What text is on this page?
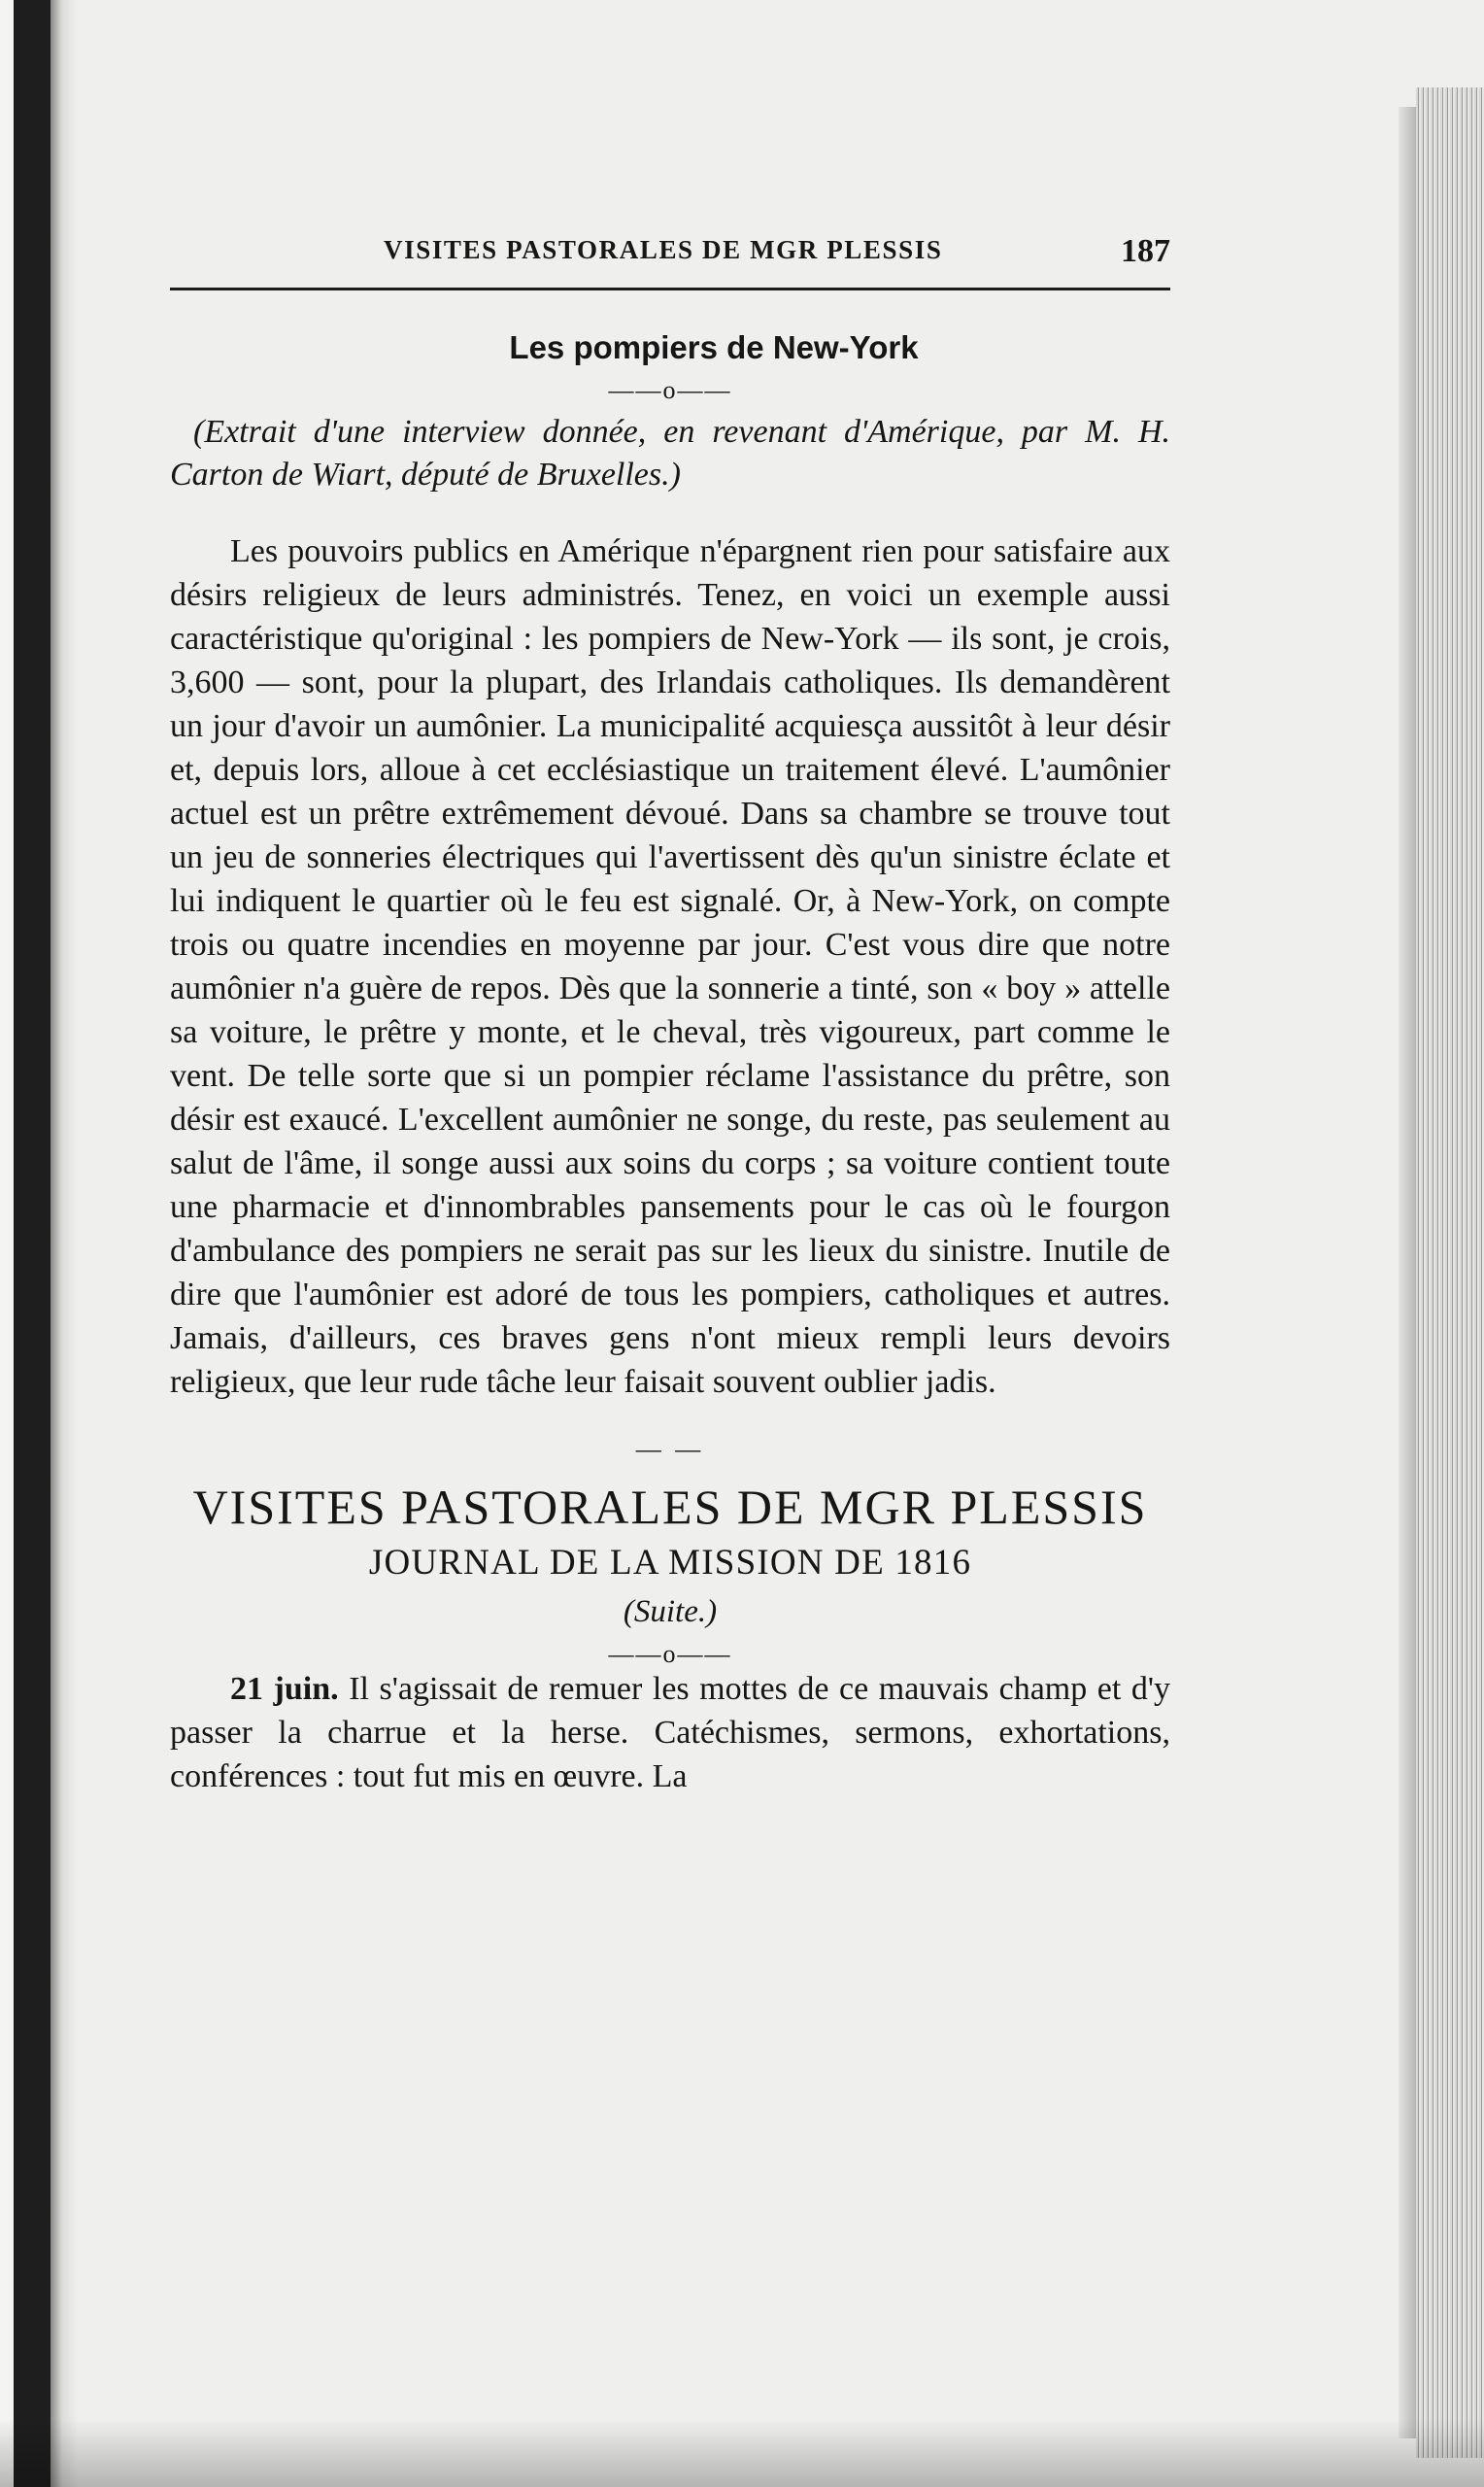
VISITES PASTORALES DE MGR PLESSIS	187
Les pompiers de New-York
——o——

(Extrait d'une interview donnée, en revenant d'Amérique, par M. H. Carton de Wiart, député de Bruxelles.)

Les pouvoirs publics en Amérique n'épargnent rien pour satisfaire aux désirs religieux de leurs administrés. Tenez, en voici un exemple aussi caractéristique qu'original : les pompiers de New-York — ils sont, je crois, 3,600 — sont, pour la plupart, des Irlandais catholiques. Ils demandèrent un jour d'avoir un aumônier. La municipalité acquiesça aussitôt à leur désir et, depuis lors, alloue à cet ecclésiastique un traitement élevé. L'aumônier actuel est un prêtre extrêmement dévoué. Dans sa chambre se trouve tout un jeu de sonneries électriques qui l'avertissent dès qu'un sinistre éclate et lui indiquent le quartier où le feu est signalé. Or, à New-York, on compte trois ou quatre incendies en moyenne par jour. C'est vous dire que notre aumônier n'a guère de repos. Dès que la sonnerie a tinté, son « boy » attelle sa voiture, le prêtre y monte, et le cheval, très vigoureux, part comme le vent. De telle sorte que si un pompier réclame l'assistance du prêtre, son désir est exaucé. L'excellent aumônier ne songe, du reste, pas seulement au salut de l'âme, il songe aussi aux soins du corps ; sa voiture contient toute une pharmacie et d'innombrables pansements pour le cas où le fourgon d'ambulance des pompiers ne serait pas sur les lieux du sinistre. Inutile de dire que l'aumônier est adoré de tous les pompiers, catholiques et autres. Jamais, d'ailleurs, ces braves gens n'ont mieux rempli leurs devoirs religieux, que leur rude tâche leur faisait souvent oublier jadis.

— —
VISITES PASTORALES DE MGR PLESSIS
JOURNAL DE LA MISSION DE 1816
(Suite.)
——o——

21 juin. Il s'agissait de remuer les mottes de ce mauvais champ et d'y passer la charrue et la herse. Catéchismes, sermons, exhortations, conférences : tout fut mis en œuvre. La
